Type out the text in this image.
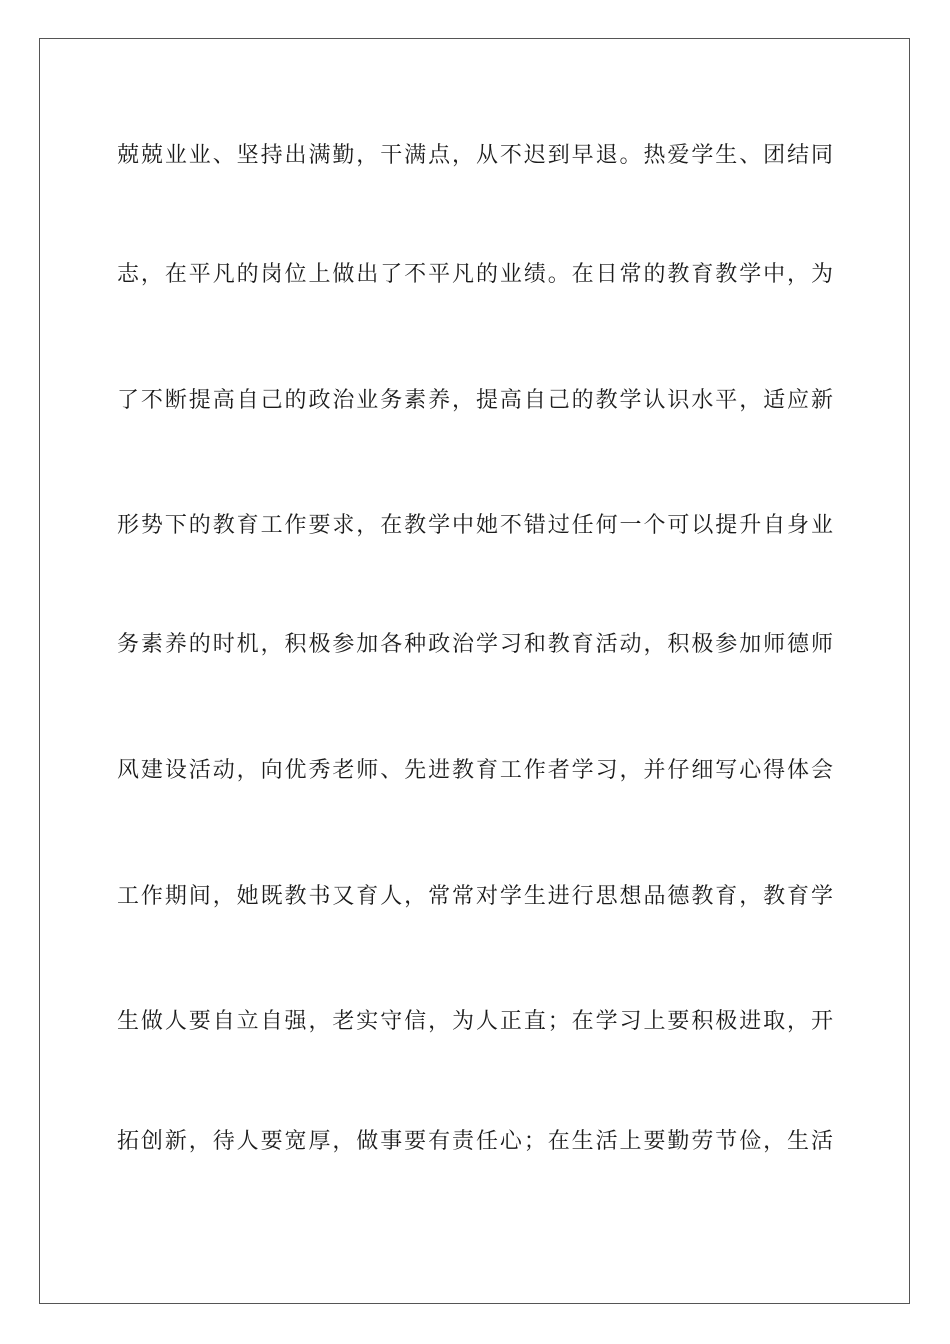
兢兢业业、坚持出满勤，干满点，从不迟到早退。热爱学生、团结同
志，在平凡的岗位上做出了不平凡的业绩。在日常的教育教学中，为
了不断提高自己的政治业务素养，提高自己的教学认识水平，适应新
形势下的教育工作要求，在教学中她不错过任何一个可以提升自身业
务素养的时机，积极参加各种政治学习和教育活动，积极参加师德师
风建设活动，向优秀老师、先进教育工作者学习，并仔细写心得体会
工作期间，她既教书又育人，常常对学生进行思想品德教育，教育学
生做人要自立自强，老实守信，为人正直；在学习上要积极进取，开
拓创新，待人要宽厚，做事要有责任心；在生活上要勤劳节俭，生活
